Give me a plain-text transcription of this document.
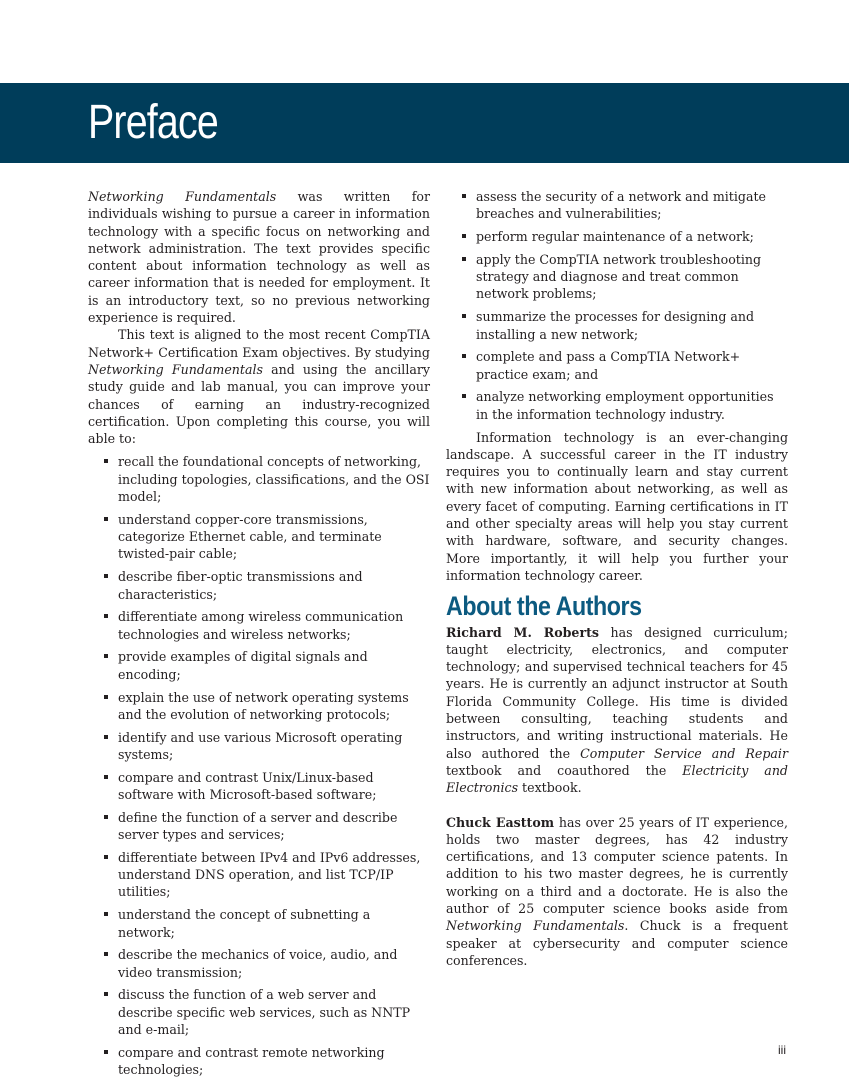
Preface

Networking Fundamentals was written for individuals wishing to pursue a career in information technology with a specific focus on networking and network administration. The text provides specific content about information technology as well as career information that is needed for employment. It is an introductory text, so no previous networking experience is required.

This text is aligned to the most recent CompTIA Network+ Certification Exam objectives. By studying Networking Fundamentals and using the ancillary study guide and lab manual, you can improve your chances of earning an industry-recognized certification. Upon completing this course, you will able to:

recall the foundational concepts of networking, including topologies, classifications, and the OSI model;
understand copper-core transmissions, categorize Ethernet cable, and terminate twisted-pair cable;
describe fiber-optic transmissions and characteristics;
differentiate among wireless communication technologies and wireless networks;
provide examples of digital signals and encoding;
explain the use of network operating systems and the evolution of networking protocols;
identify and use various Microsoft operating systems;
compare and contrast Unix/Linux-based software with Microsoft-based software;
define the function of a server and describe server types and services;
differentiate between IPv4 and IPv6 addresses, understand DNS operation, and list TCP/IP utilities;
understand the concept of subnetting a network;
describe the mechanics of voice, audio, and video transmission;
discuss the function of a web server and describe specific web services, such as NNTP and e-mail;
compare and contrast remote networking technologies;
assess the security of a network and mitigate breaches and vulnerabilities;
perform regular maintenance of a network;
apply the CompTIA network troubleshooting strategy and diagnose and treat common network problems;
summarize the processes for designing and installing a new network;
complete and pass a CompTIA Network+ practice exam; and
analyze networking employment opportunities in the information technology industry.

Information technology is an ever-changing landscape. A successful career in the IT industry requires you to continually learn and stay current with new information about networking, as well as every facet of computing. Earning certifications in IT and other specialty areas will help you stay current with hardware, software, and security changes. More importantly, it will help you further your information technology career.

About the Authors

Richard M. Roberts has designed curriculum; taught electricity, electronics, and computer technology; and supervised technical teachers for 45 years. He is currently an adjunct instructor at South Florida Community College. His time is divided between consulting, teaching students and instructors, and writing instructional materials. He also authored the Computer Service and Repair textbook and coauthored the Electricity and Electronics textbook.

Chuck Easttom has over 25 years of IT experience, holds two master degrees, has 42 industry certifications, and 13 computer science patents. In addition to his two master degrees, he is currently working on a third and a doctorate. He is also the author of 25 computer science books aside from Networking Fundamentals. Chuck is a frequent speaker at cybersecurity and computer science conferences.

iii
